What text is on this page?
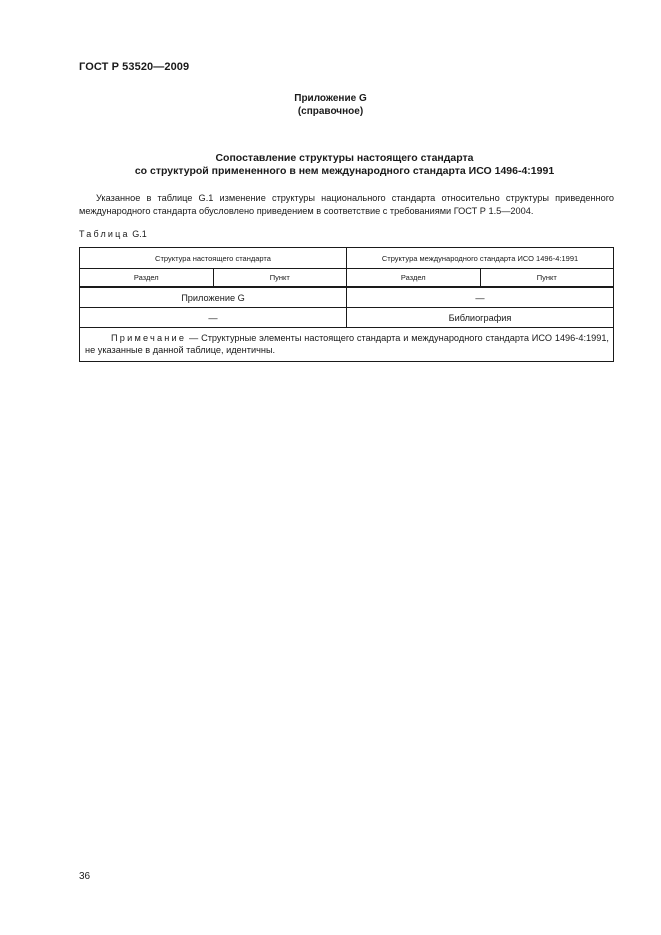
ГОСТ Р 53520—2009
Приложение G
(справочное)
Сопоставление структуры настоящего стандарта
со структурой примененного в нем международного стандарта ИСО 1496-4:1991
Указанное в таблице G.1 изменение структуры национального стандарта относительно структуры приведенного международного стандарта обусловлено приведением в соответствие с требованиями ГОСТ Р 1.5—2004.
Таблица G.1
Структура настоящего стандарта		Структура международного стандарта ИСО 1496-4:1991	
Раздел	Пункт	Раздел	Пункт
Приложение G		—	
—		Библиография	

Примечание — Структурные элементы настоящего стандарта и международного стандарта ИСО 1496-4:1991, не указанные в данной таблице, идентичны.			
36
